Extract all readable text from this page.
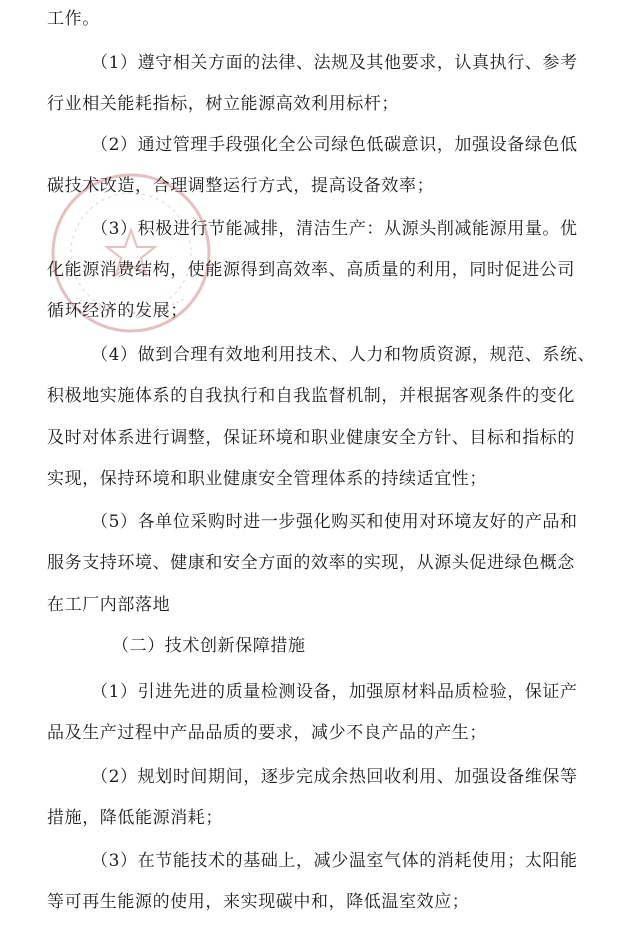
工作。
（1）遵守相关方面的法律、法规及其他要求，认真执行、参考
行业相关能耗指标，树立能源高效利用标杆；
（2）通过管理手段强化全公司绿色低碳意识，加强设备绿色低
碳技术改造，合理调整运行方式，提高设备效率；
（3）积极进行节能减排，清洁生产：从源头削减能源用量。优
化能源消费结构，使能源得到高效率、高质量的利用，同时促进公司
循环经济的发展；
（4）做到合理有效地利用技术、人力和物质资源，规范、系统、
积极地实施体系的自我执行和自我监督机制，并根据客观条件的变化
及时对体系进行调整，保证环境和职业健康安全方针、目标和指标的
实现，保持环境和职业健康安全管理体系的持续适宜性；
（5）各单位采购时进一步强化购买和使用对环境友好的产品和
服务支持环境、健康和安全方面的效率的实现，从源头促进绿色概念
在工厂内部落地
（二）技术创新保障措施
（1）引进先进的质量检测设备，加强原材料品质检验，保证产
品及生产过程中产品品质的要求，减少不良产品的产生；
（2）规划时间期间，逐步完成余热回收利用、加强设备维保等
措施，降低能源消耗；
（3）在节能技术的基础上，减少温室气体的消耗使用；太阳能
等可再生能源的使用，来实现碳中和，降低温室效应；
